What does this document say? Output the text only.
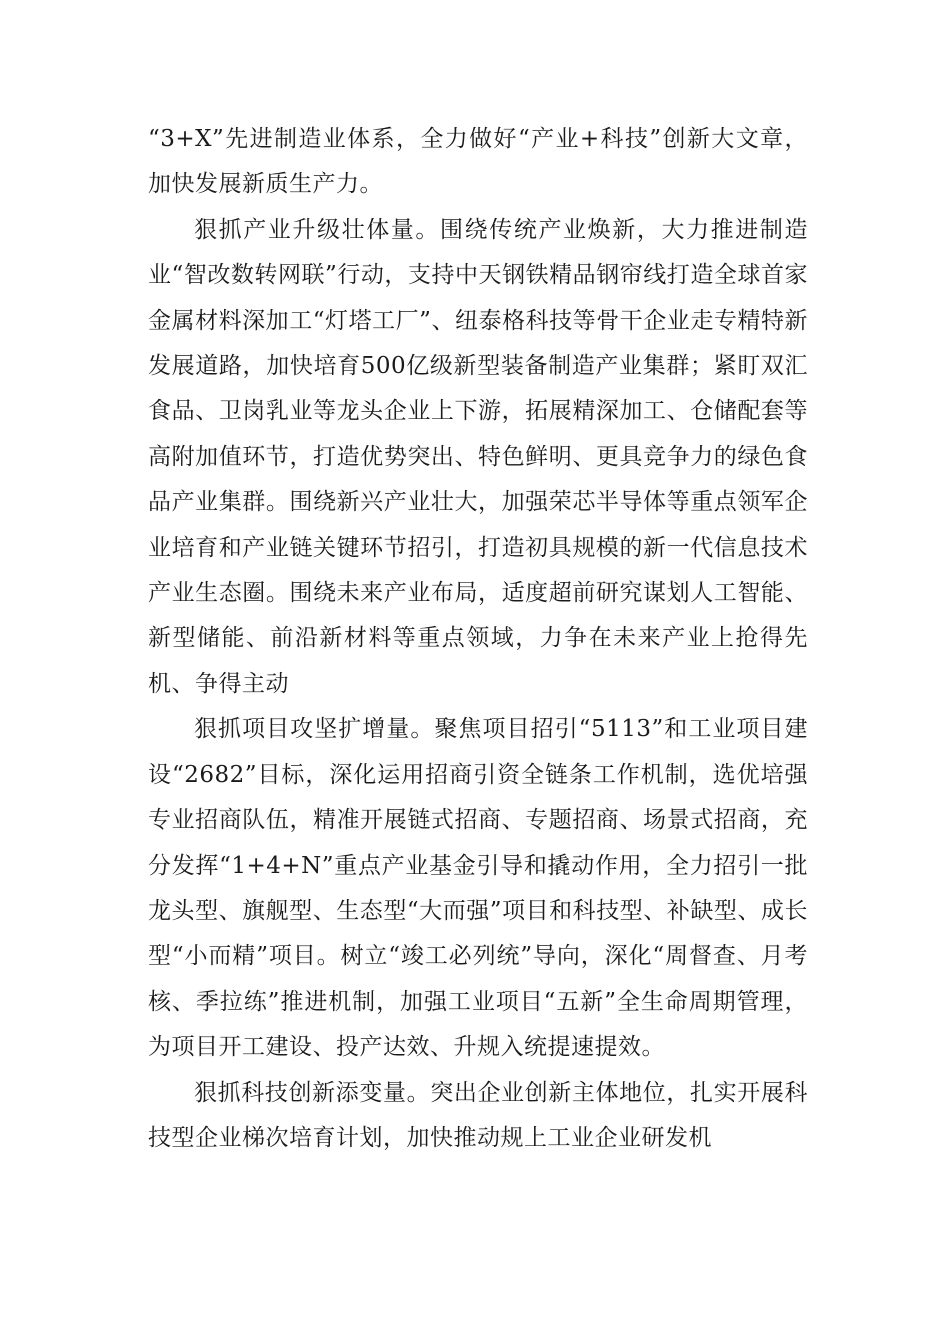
“3+X”先进制造业体系，全力做好“产业+科技”创新大文章，加快发展新质生产力。

狠抓产业升级壮体量。围绕传统产业焕新，大力推进制造业“智改数转网联”行动，支持中天钢铁精品钢帘线打造全球首家金属材料深加工“灯塔工厂”、纽泰格科技等骨干企业走专精特新发展道路，加快培育500亿级新型装备制造产业集群；紧盯双汇食品、卫岗乳业等龙头企业上下游，拓展精深加工、仓储配套等高附加值环节，打造优势突出、特色鲜明、更具竞争力的绿色食品产业集群。围绕新兴产业壮大，加强荣芯半导体等重点领军企业培育和产业链关键环节招引，打造初具规模的新一代信息技术产业生态圈。围绕未来产业布局，适度超前研究谋划人工智能、新型储能、前沿新材料等重点领域，力争在未来产业上抢得先机、争得主动

狠抓项目攻坚扩增量。聚焦项目招引“5113”和工业项目建设“2682”目标，深化运用招商引资全链条工作机制，选优培强专业招商队伍，精准开展链式招商、专题招商、场景式招商，充分发挥“1+4+N”重点产业基金引导和撬动作用，全力招引一批龙头型、旗舰型、生态型“大而强”项目和科技型、补缺型、成长型“小而精”项目。树立“竣工必列统”导向，深化“周督查、月考核、季拉练”推进机制，加强工业项目“五新”全生命周期管理，为项目开工建设、投产达效、升规入统提速提效。

狠抓科技创新添变量。突出企业创新主体地位，扎实开展科技型企业梯次培育计划，加快推动规上工业企业研发机
